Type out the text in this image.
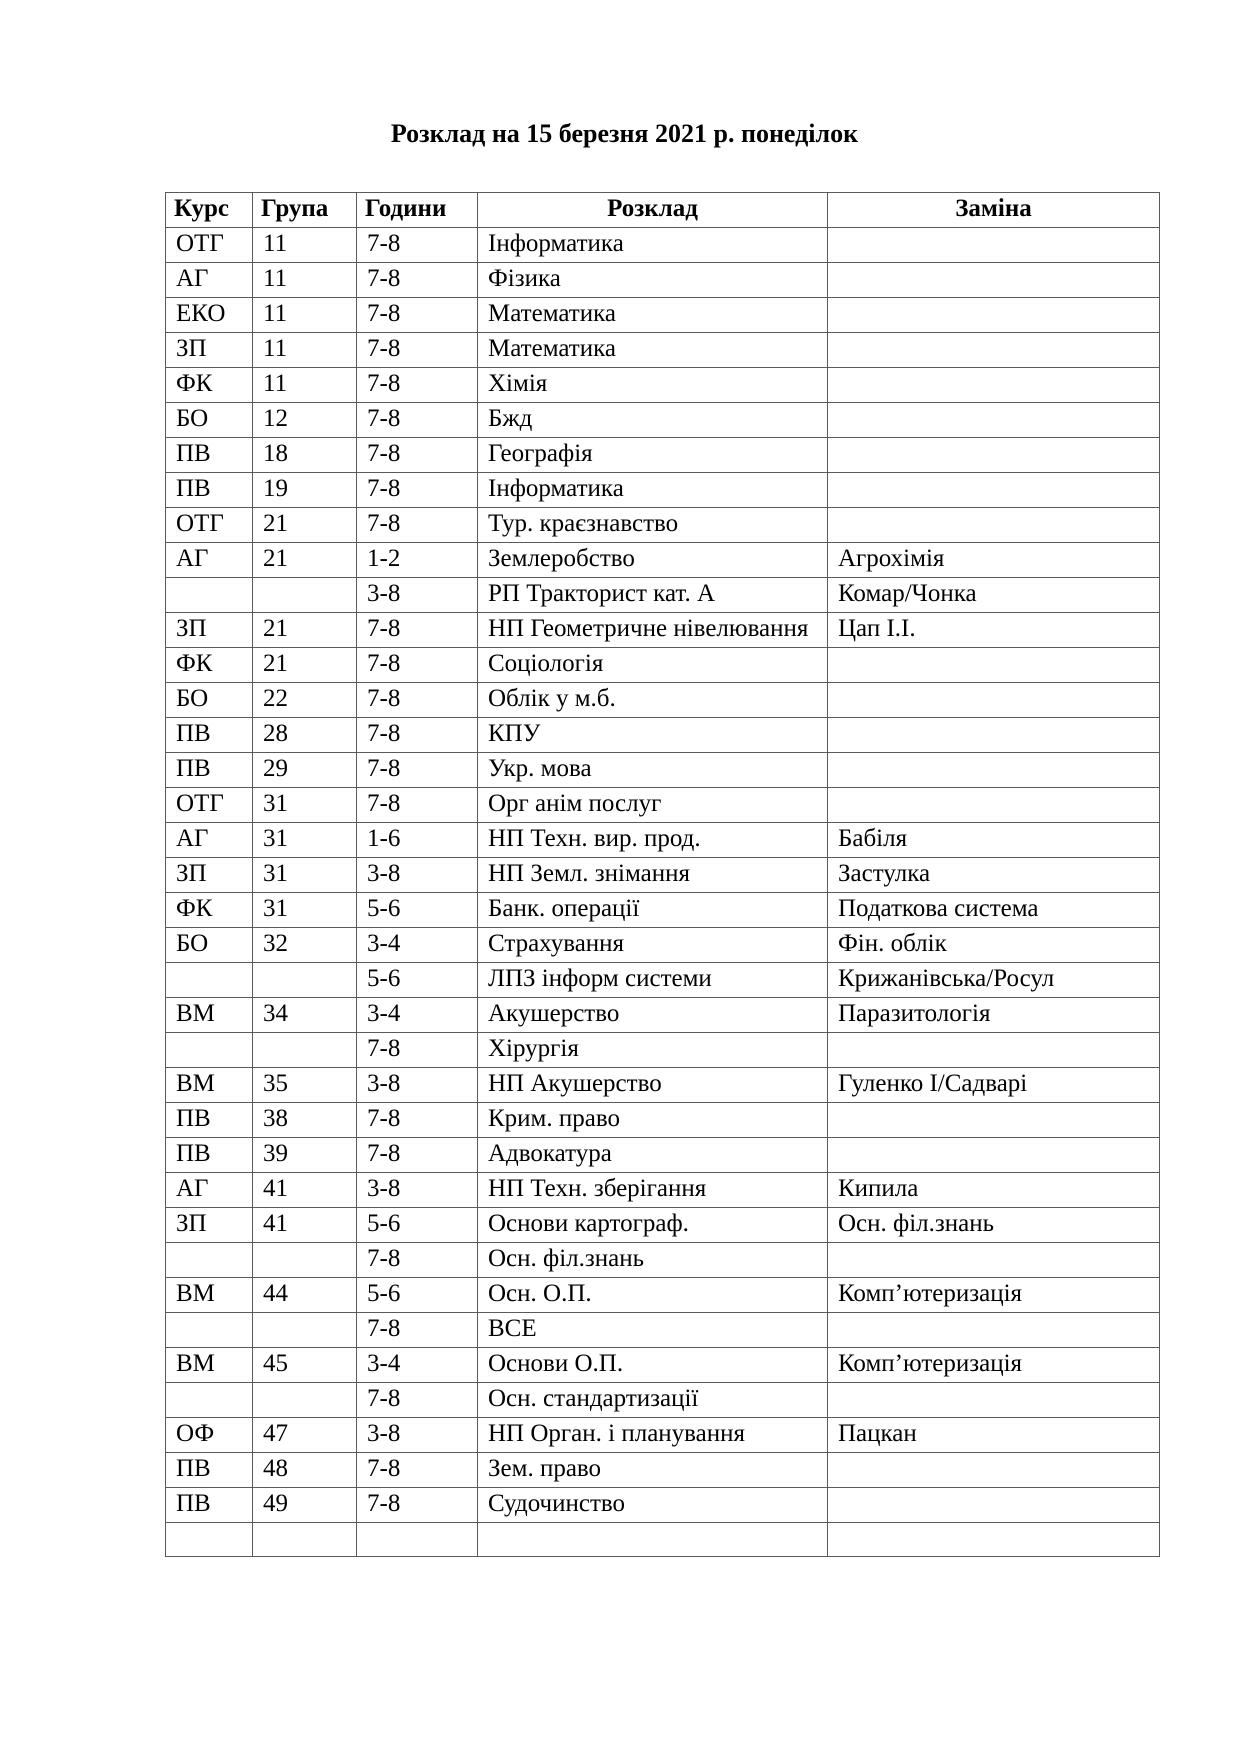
Розклад на 15 березня 2021 р. понеділок
Курс	Група	Години	Розклад	Заміна
ОТГ	11	7-8	Інформатика	
АГ	11	7-8	Фізика	
ЕКО	11	7-8	Математика	
ЗП	11	7-8	Математика	
ФК	11	7-8	Хімія	
БО	12	7-8	Бжд	
ПВ	18	7-8	Географія	
ПВ	19	7-8	Інформатика	
ОТГ	21	7-8	Тур. краєзнавство	
АГ	21	1-2	Землеробство	Агрохімія
		3-8	РП Тракторист кат. А	Комар/Чонка
ЗП	21	7-8	НП Геометричне нівелювання	Цап І.І.
ФК	21	7-8	Соціологія	
БО	22	7-8	Облік у м.б.	
ПВ	28	7-8	КПУ	
ПВ	29	7-8	Укр. мова	
ОТГ	31	7-8	Орг анім послуг	
АГ	31	1-6	НП Техн. вир. прод.	Бабіля
ЗП	31	3-8	НП Земл. знімання	Застулка
ФК	31	5-6	Банк. операції	Податкова система
БО	32	3-4	Страхування	Фін. облік
		5-6	ЛПЗ інформ системи	Крижанівська/Росул
ВМ	34	3-4	Акушерство	Паразитологія
		7-8	Хірургія	
ВМ	35	3-8	НП Акушерство	Гуленко І/Садварі
ПВ	38	7-8	Крим. право	
ПВ	39	7-8	Адвокатура	
АГ	41	3-8	НП Техн. зберігання	Кипила
ЗП	41	5-6	Основи картограф.	Осн. філ.знань
		7-8	Осн. філ.знань	
ВМ	44	5-6	Осн. О.П.	Комп’ютеризація
		7-8	ВСЕ	
ВМ	45	3-4	Основи О.П.	Комп’ютеризація
		7-8	Осн. стандартизації	
ОФ	47	3-8	НП Орган. і планування	Пацкан
ПВ	48	7-8	Зем. право	
ПВ	49	7-8	Судочинство	
